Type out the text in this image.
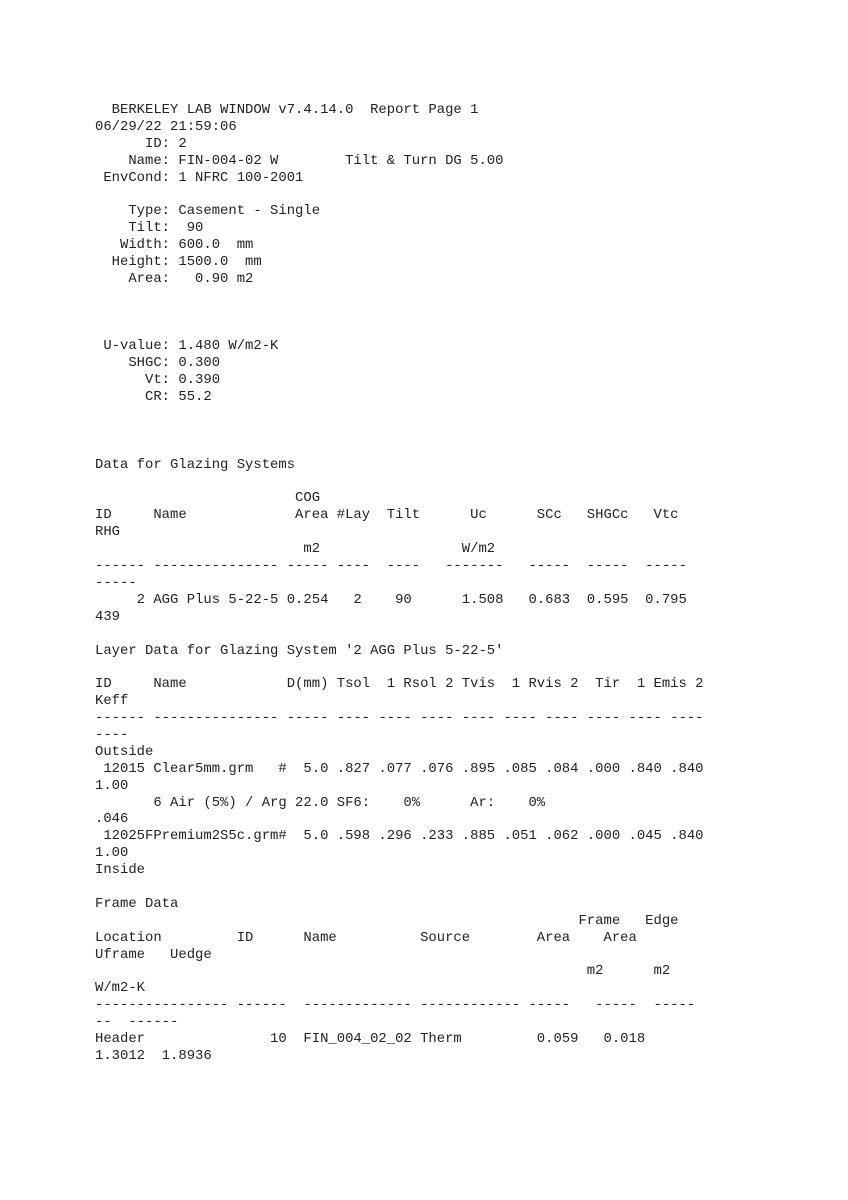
BERKELEY LAB WINDOW v7.4.14.0  Report Page 1
06/29/22 21:59:06
ID: 2
Name: FIN-004-02 W        Tilt & Turn DG 5.00
EnvCond: 1 NFRC 100-2001
Type: Casement - Single
Tilt:  90
Width: 600.0  mm
Height: 1500.0  mm
Area:   0.90 m2
U-value: 1.480 W/m2-K
SHGC: 0.300
Vt: 0.390
CR: 55.2
Data for Glazing Systems
COG
ID     Name             Area #Lay  Tilt      Uc      SCc   SHGCc   Vtc
RHG
m2                 W/m2
------ --------------- ----- ----  ----   -------   -----  -----  -----
-----
2 AGG Plus 5-22-5 0.254   2    90      1.508   0.683  0.595  0.795
439
Layer Data for Glazing System '2 AGG Plus 5-22-5'
ID     Name            D(mm) Tsol  1 Rsol 2 Tvis  1 Rvis 2  Tir  1 Emis 2
Keff
------ --------------- ----- ---- ---- ---- ---- ---- ---- ---- ---- ----
----
Outside
12015 Clear5mm.grm   #  5.0 .827 .077 .076 .895 .085 .084 .000 .840 .840
1.00
6 Air (5%) / Arg 22.0 SF6:    0%      Ar:    0%
.046
12025FPremium2S5c.grm#  5.0 .598 .296 .233 .885 .051 .062 .000 .045 .840
1.00
Inside
Frame Data
Frame   Edge
Location         ID      Name          Source        Area    Area
Uframe   Uedge
m2      m2
W/m2-K
---------------- ------  ------------- ------------ -----   -----  -----
--  ------
Header               10  FIN_004_02_02 Therm         0.059   0.018
1.3012  1.8936
